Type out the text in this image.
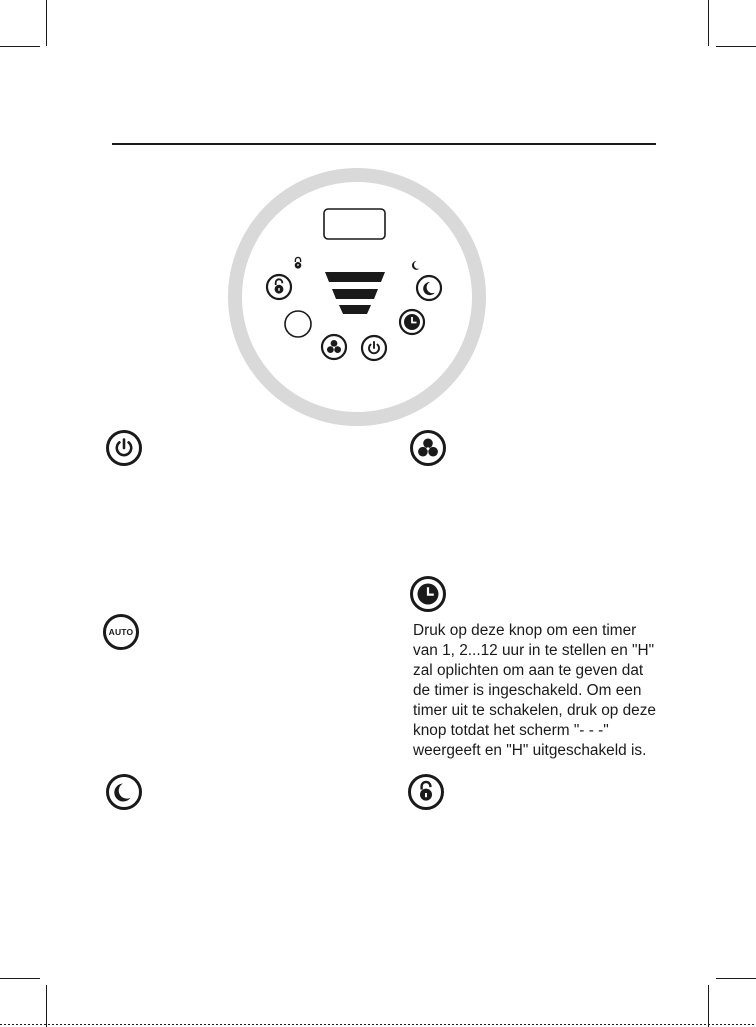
z
AUTO
z

Druk op deze knop om een timer
van 1, 2...12 uur in te stellen en "H"
zal oplichten om aan te geven dat
de timer is ingeschakeld. Om een
timer uit te schakelen, druk op deze
knop totdat het scherm "- - -"
weergeeft en "H" uitgeschakeld is.
